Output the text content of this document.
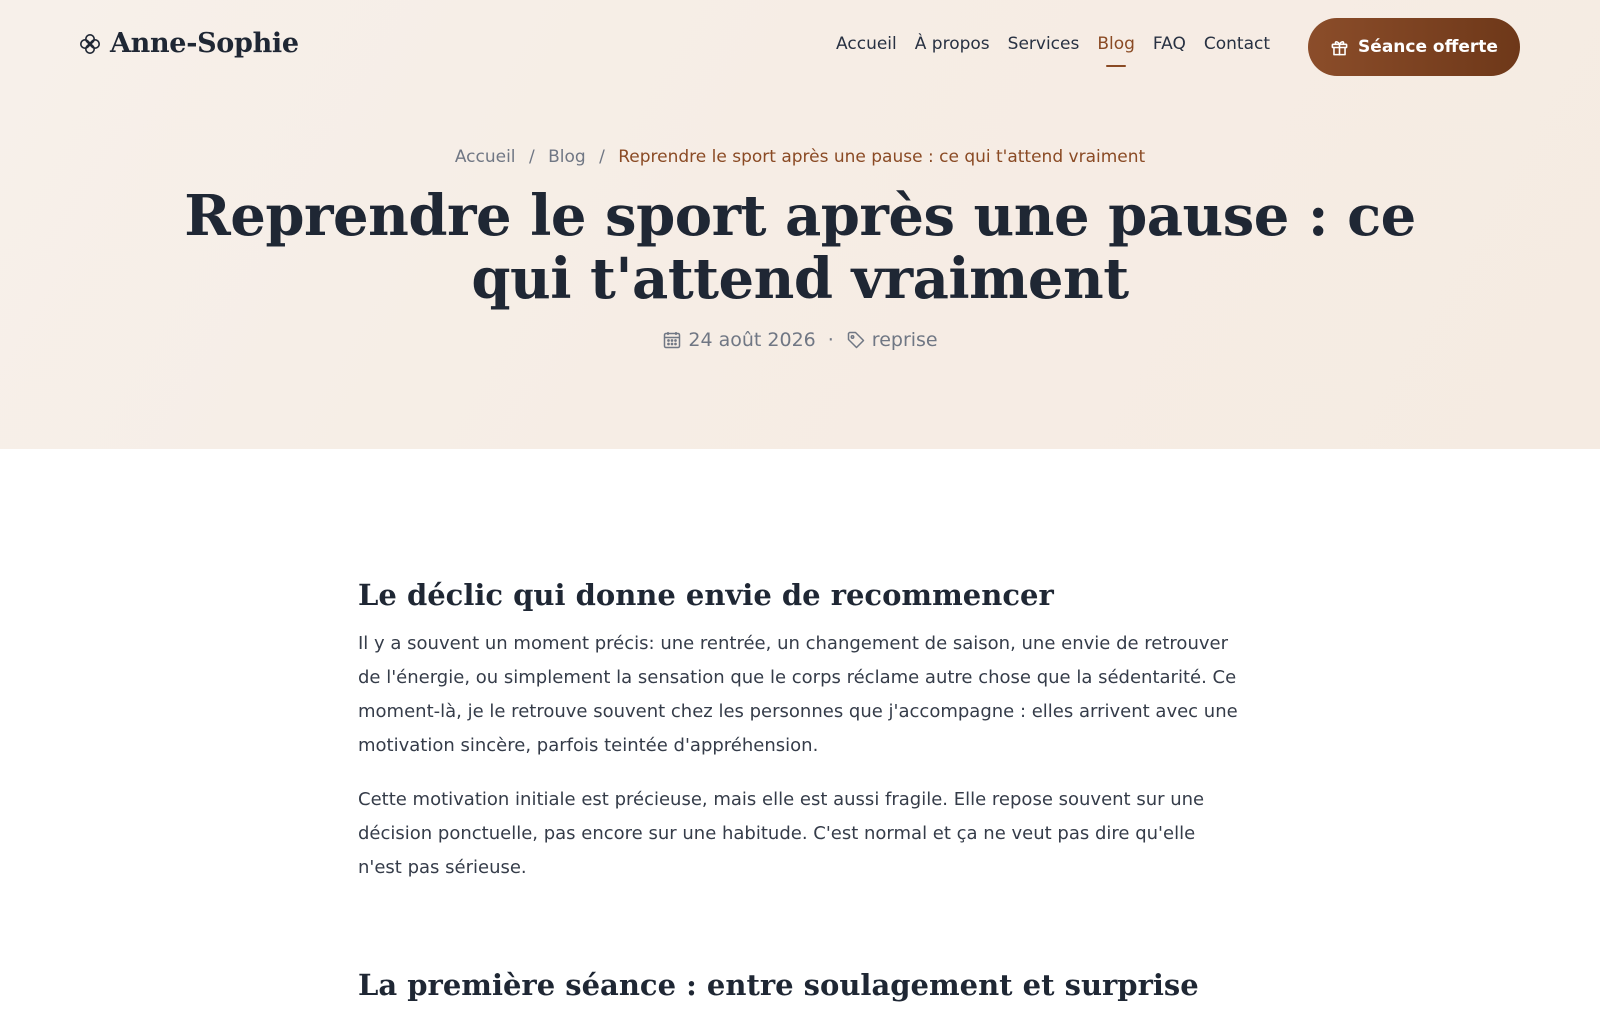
Anne-Sophie	Accueil À propos Services Blog FAQ Contact	Séance offerte
Accueil / Blog / Reprendre le sport après une pause : ce qui t'attend vraiment
Reprendre le sport après une pause : ce qui t'attend vraiment
24 août 2026 · reprise
Le déclic qui donne envie de recommencer

Il y a souvent un moment précis: une rentrée, un changement de saison, une envie de retrouver de l'énergie, ou simplement la sensation que le corps réclame autre chose que la sédentarité. Ce moment-là, je le retrouve souvent chez les personnes que j'accompagne : elles arrivent avec une motivation sincère, parfois teintée d'appréhension.

Cette motivation initiale est précieuse, mais elle est aussi fragile. Elle repose souvent sur une décision ponctuelle, pas encore sur une habitude. C'est normal et ça ne veut pas dire qu'elle n'est pas sérieuse.

La première séance : entre soulagement et surprise
